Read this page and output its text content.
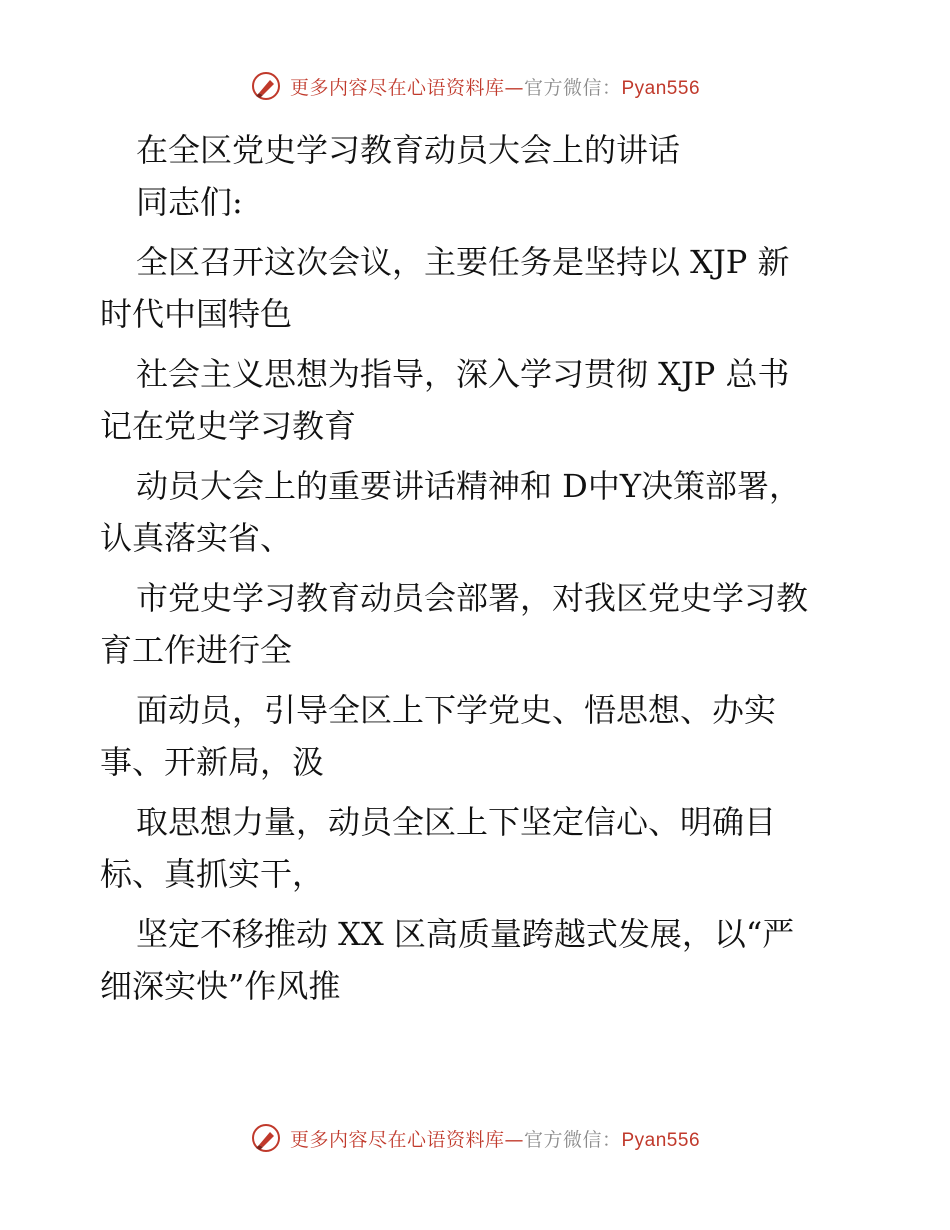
更多内容尽在心语资料库—官方微信：Pyan556

在全区党史学习教育动员大会上的讲话

同志们:

全区召开这次会议，主要任务是坚持以 XJP 新

时代中国特色

社会主义思想为指导，深入学习贯彻 XJP 总书

记在党史学习教育

动员大会上的重要讲话精神和 D中Y决策部署，

认真落实省、

市党史学习教育动员会部署，对我区党史学习教

育工作进行全

面动员，引导全区上下学党史、悟思想、办实

事、开新局，汲

取思想力量，动员全区上下坚定信心、明确目

标、真抓实干，

坚定不移推动 XX 区高质量跨越式发展，以“严

细深实快”作风推

更多内容尽在心语资料库—官方微信：Pyan556
